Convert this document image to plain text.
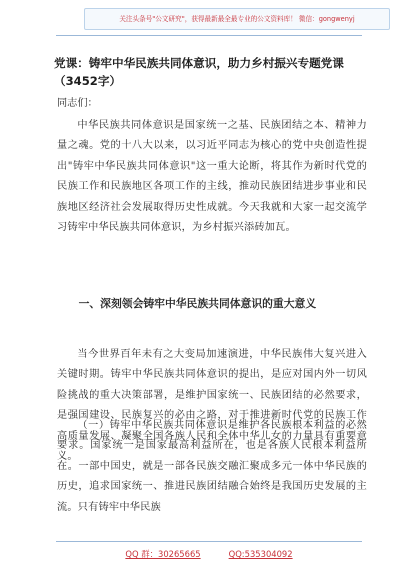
关注头条号"公文研究"，获得最新最全最专业的公文资料库！ 微信：gongwenyj
党课：铸牢中华民族共同体意识，助力乡村振兴专题党课（3452字）

同志们：

中华民族共同体意识是国家统一之基、民族团结之本、精神力量之魂。党的十八大以来，以习近平同志为核心的党中央创造性提出"铸牢中华民族共同体意识"这一重大论断，将其作为新时代党的民族工作和民族地区各项工作的主线，推动民族团结进步事业和民族地区经济社会发展取得历史性成就。今天我就和大家一起交流学习铸牢中华民族共同体意识，为乡村振兴添砖加瓦。

一、深刻领会铸牢中华民族共同体意识的重大意义

当今世界百年未有之大变局加速演进，中华民族伟大复兴进入关键时期。铸牢中华民族共同体意识的提出，是应对国内外一切风险挑战的重大决策部署，是维护国家统一、民族团结的必然要求，是强国建设、民族复兴的必由之路，对于推进新时代党的民族工作高质量发展、凝聚全国各族人民和全体中华儿女的力量具有重要意义。

（一）铸牢中华民族共同体意识是维护各民族根本利益的必然要求。国家统一是国家最高利益所在，也是各族人民根本利益所在。一部中国史，就是一部各民族交融汇聚成多元一体中华民族的历史，追求国家统一、推进民族团结融合始终是我国历史发展的主流。只有铸牢中华民族

QQ 群：30265665	QQ:535304092
